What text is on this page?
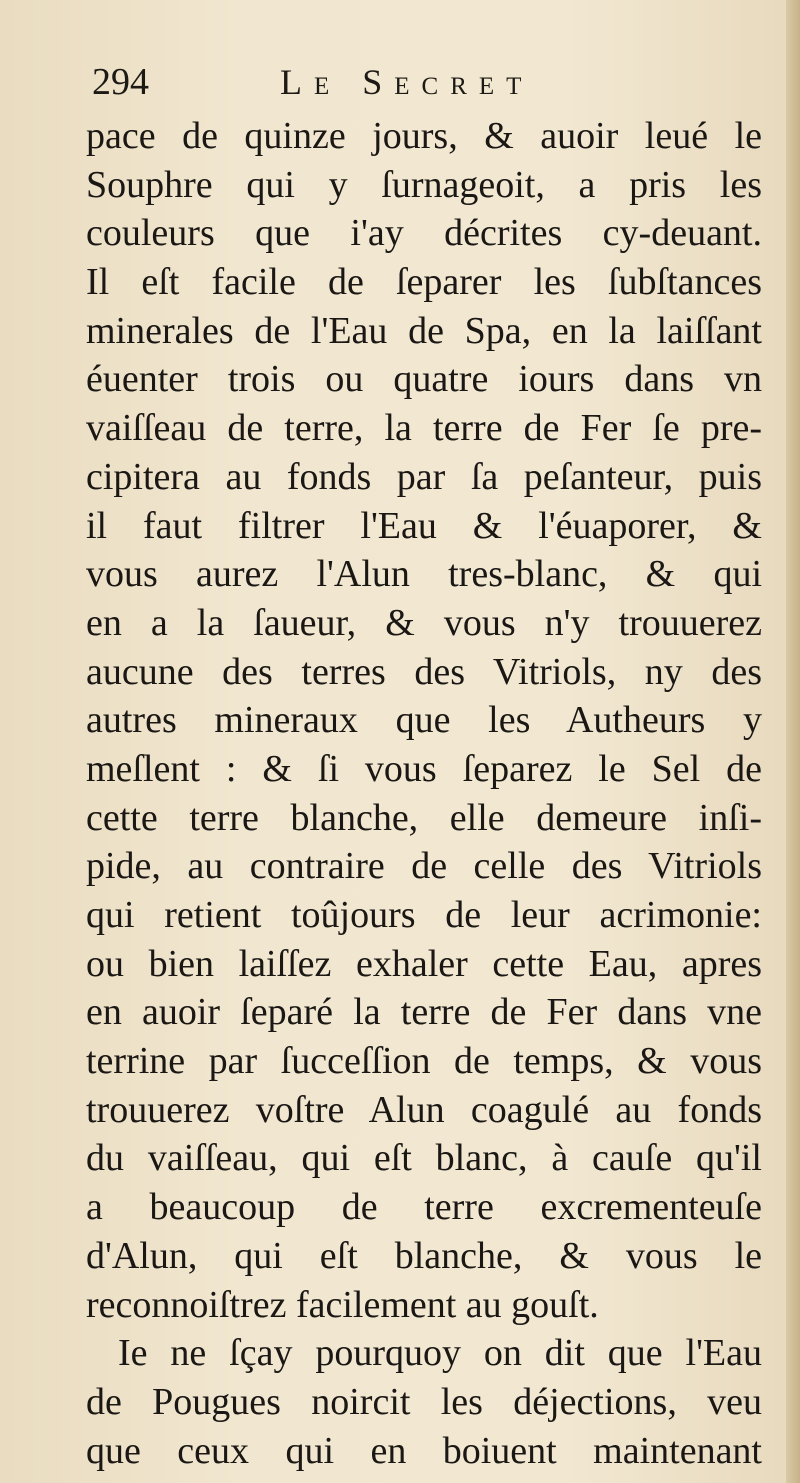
294	Le Secret
pace de quinze jours, & auoir leué le
Souphre qui y ſurnageoit, a pris les
couleurs que i'ay décrites cy-deuant.
Il eſt facile de ſeparer les ſubſtances
minerales de l'Eau de Spa, en la laiſſant
éuenter trois ou quatre iours dans vn
vaiſſeau de terre, la terre de Fer ſe pre-
cipitera au fonds par ſa peſanteur, puis
il faut filtrer l'Eau & l'éuaporer, &
vous aurez l'Alun tres-blanc, & qui
en a la ſaueur, & vous n'y trouuerez
aucune des terres des Vitriols, ny des
autres mineraux que les Autheurs y
meſlent : & ſi vous ſeparez le Sel de
cette terre blanche, elle demeure inſi-
pide, au contraire de celle des Vitriols
qui retient toûjours de leur acrimonie:
ou bien laiſſez exhaler cette Eau, apres
en auoir ſeparé la terre de Fer dans vne
terrine par ſucceſſion de temps, & vous
trouuerez voſtre Alun coagulé au fonds
du vaiſſeau, qui eſt blanc, à cauſe qu'il
a beaucoup de terre excrementeuſe
d'Alun, qui eſt blanche, & vous le
reconnoiſtrez facilement au gouſt.
Ie ne ſçay pourquoy on dit que l'Eau
de Pougues noircit les déjections, veu
que ceux qui en boiuent maintenant
